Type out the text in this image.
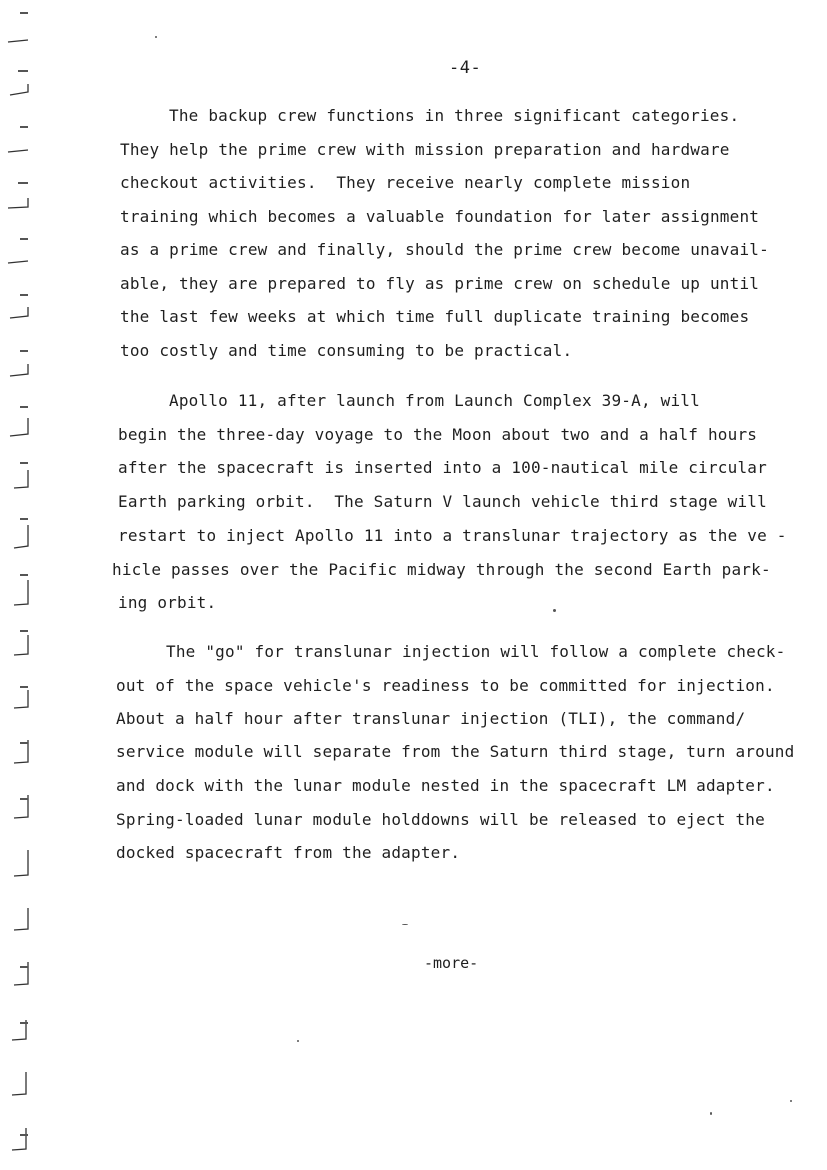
-4-
The backup crew functions in three significant categories.
They help the prime crew with mission preparation and hardware
checkout activities.  They receive nearly complete mission
training which becomes a valuable foundation for later assignment
as a prime crew and finally, should the prime crew become unavail-
able, they are prepared to fly as prime crew on schedule up until
the last few weeks at which time full duplicate training becomes
too costly and time consuming to be practical.
Apollo 11, after launch from Launch Complex 39-A, will
begin the three-day voyage to the Moon about two and a half hours
after the spacecraft is inserted into a 100-nautical mile circular
Earth parking orbit.  The Saturn V launch vehicle third stage will
restart to inject Apollo 11 into a translunar trajectory as the ve -
hicle passes over the Pacific midway through the second Earth park-
ing orbit.
The "go" for translunar injection will follow a complete check-
out of the space vehicle's readiness to be committed for injection.
About a half hour after translunar injection (TLI), the command/
service module will separate from the Saturn third stage, turn around
and dock with the lunar module nested in the spacecraft LM adapter.
Spring-loaded lunar module holddowns will be released to eject the
docked spacecraft from the adapter.
-more-
